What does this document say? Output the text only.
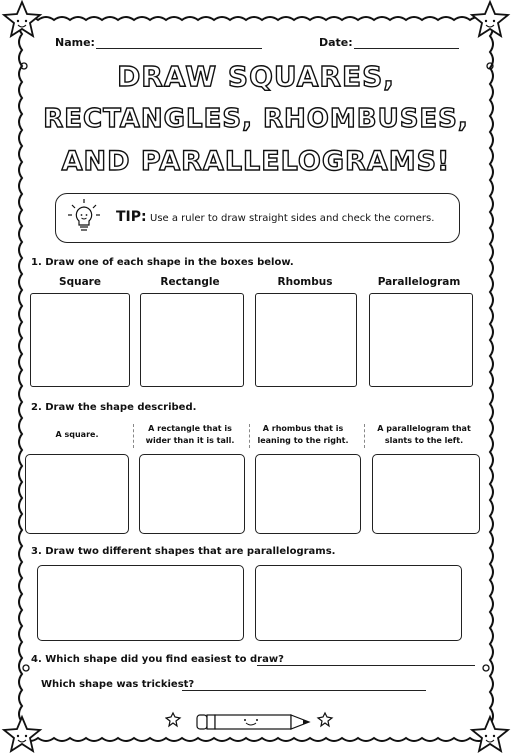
Name:	Date:
DRAW SQUARES,
RECTANGLES, RHOMBUSES,
AND PARALLELOGRAMS!
TIP: Use a ruler to draw straight sides and check the corners.
1. Draw one of each shape in the boxes below.
Square	Rectangle	Rhombus	Parallelogram
2. Draw the shape described.
A square.
A rectangle that is wider than it is tall.
A rhombus that is leaning to the right.
A parallelogram that slants to the left.
3. Draw two different shapes that are parallelograms.
4. Which shape did you find easiest to draw?
Which shape was trickiest?
